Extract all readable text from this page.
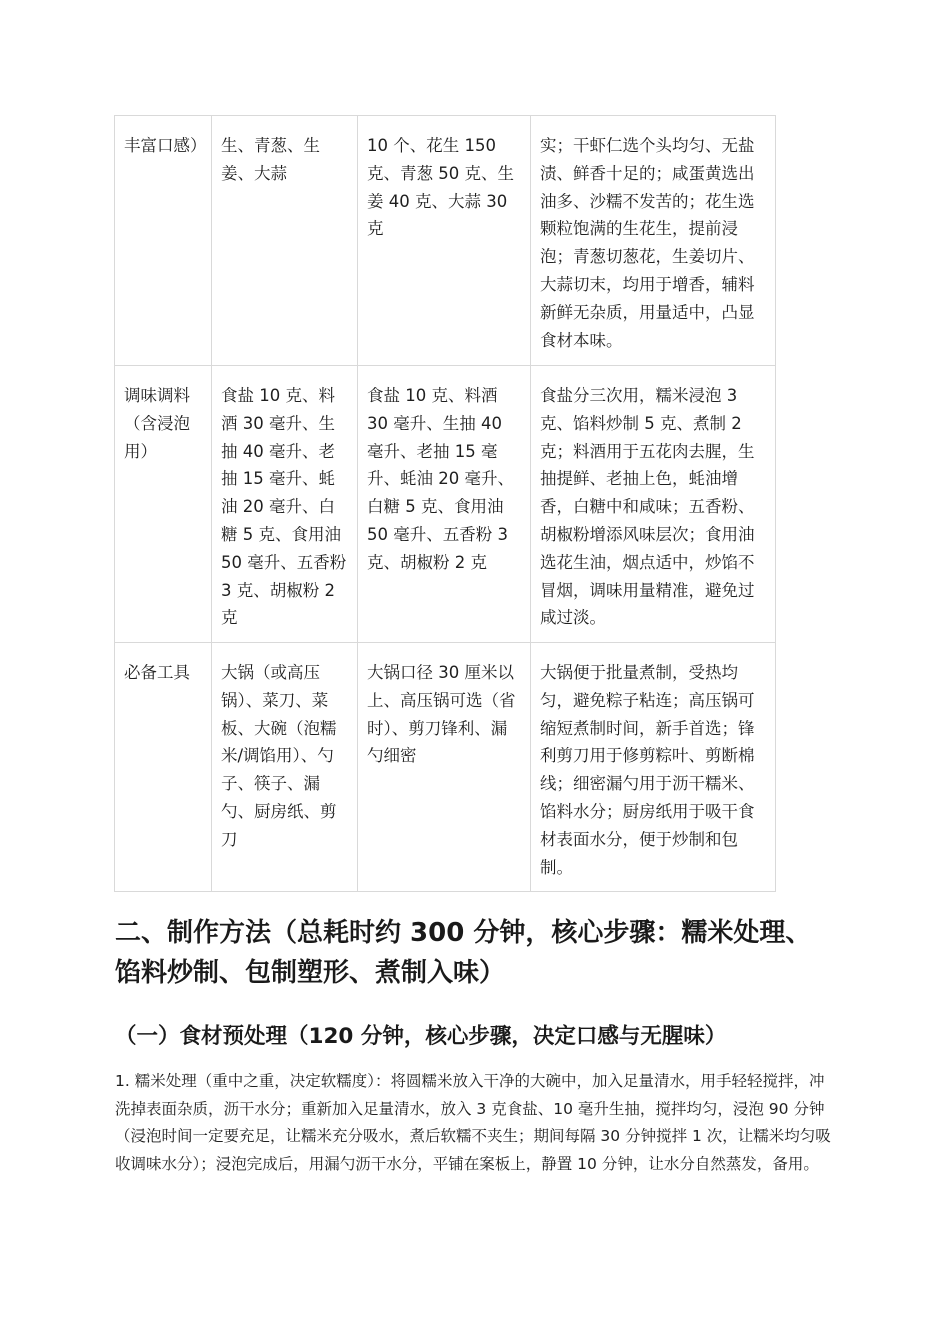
丰富口感）	生、青葱、生姜、大蒜	10 个、花生 150 克、青葱 50 克、生姜 40 克、大蒜 30 克	实；干虾仁选个头均匀、无盐渍、鲜香十足的；咸蛋黄选出油多、沙糯不发苦的；花生选颗粒饱满的生花生，提前浸泡；青葱切葱花，生姜切片、大蒜切末，均用于增香，辅料新鲜无杂质，用量适中，凸显食材本味。
调味调料（含浸泡用）	食盐 10 克、料酒 30 毫升、生抽 40 毫升、老抽 15 毫升、蚝油 20 毫升、白糖 5 克、食用油 50 毫升、五香粉 3 克、胡椒粉 2 克	食盐 10 克、料酒 30 毫升、生抽 40 毫升、老抽 15 毫升、蚝油 20 毫升、白糖 5 克、食用油 50 毫升、五香粉 3 克、胡椒粉 2 克	食盐分三次用，糯米浸泡 3 克、馅料炒制 5 克、煮制 2 克；料酒用于五花肉去腥，生抽提鲜、老抽上色，蚝油增香，白糖中和咸味；五香粉、胡椒粉增添风味层次；食用油选花生油，烟点适中，炒馅不冒烟，调味用量精准，避免过咸过淡。
必备工具	大锅（或高压锅）、菜刀、菜板、大碗（泡糯米/调馅用）、勺子、筷子、漏勺、厨房纸、剪刀	大锅口径 30 厘米以上、高压锅可选（省时）、剪刀锋利、漏勺细密	大锅便于批量煮制，受热均匀，避免粽子粘连；高压锅可缩短煮制时间，新手首选；锋利剪刀用于修剪粽叶、剪断棉线；细密漏勺用于沥干糯米、馅料水分；厨房纸用于吸干食材表面水分，便于炒制和包制。
二、制作方法（总耗时约 300 分钟，核心步骤：糯米处理、馅料炒制、包制塑形、煮制入味）
（一）食材预处理（120 分钟，核心步骤，决定口感与无腥味）
1. 糯米处理（重中之重，决定软糯度）：将圆糯米放入干净的大碗中，加入足量清水，用手轻轻搅拌，冲洗掉表面杂质，沥干水分；重新加入足量清水，放入 3 克食盐、10 毫升生抽，搅拌均匀，浸泡 90 分钟（浸泡时间一定要充足，让糯米充分吸水，煮后软糯不夹生；期间每隔 30 分钟搅拌 1 次，让糯米均匀吸收调味水分）；浸泡完成后，用漏勺沥干水分，平铺在案板上，静置 10 分钟，让水分自然蒸发，备用。
